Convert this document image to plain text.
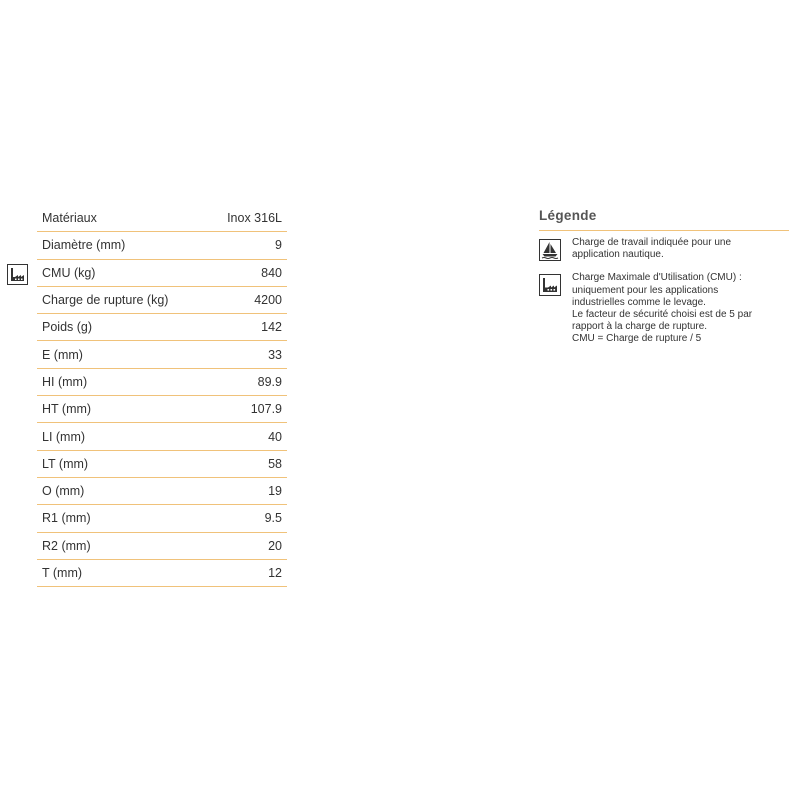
Matériaux	Inox 316L
Diamètre (mm)	9
CMU (kg)	840
Charge de rupture (kg)	4200
Poids (g)	142
E (mm)	33
HI (mm)	89.9
HT (mm)	107.9
LI (mm)	40
LT (mm)	58
O (mm)	19
R1 (mm)	9.5
R2 (mm)	20
T (mm)	12
Légende
Charge de travail indiquée pour une
application nautique.
Charge Maximale d'Utilisation (CMU) :
uniquement pour les applications
industrielles comme le levage.
Le facteur de sécurité choisi est de 5 par
rapport à la charge de rupture.
CMU = Charge de rupture / 5
